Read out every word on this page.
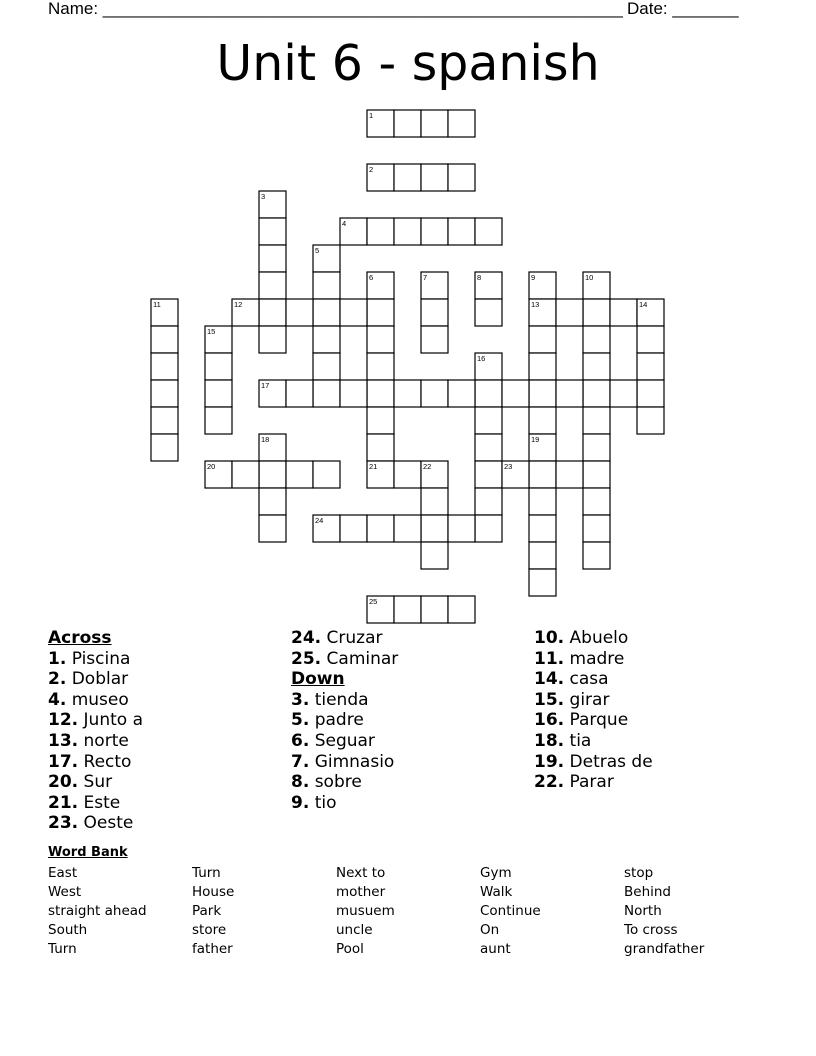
Name: _______________________________________________________ Date: _______
Unit 6 - spanish
1
2
3
4
5
6	7	8	9	10
11	12	13	14
15
16
17
18	19
20	21	22	23
24
25
Across
1. Piscina
2. Doblar
4. museo
12. Junto a
13. norte
17. Recto
20. Sur
21. Este
23. Oeste
24. Cruzar
25. Caminar
Down
3. tienda
5. padre
6. Seguar
7. Gimnasio
8. sobre
9. tio
10. Abuelo
11. madre
14. casa
15. girar
16. Parque
18. tia
19. Detras de
22. Parar
Word Bank
East
West
straight ahead
South
Turn
Turn
House
Park
store
father
Next to
mother
musuem
uncle
Pool
Gym
Walk
Continue
On
aunt
stop
Behind
North
To cross
grandfather
